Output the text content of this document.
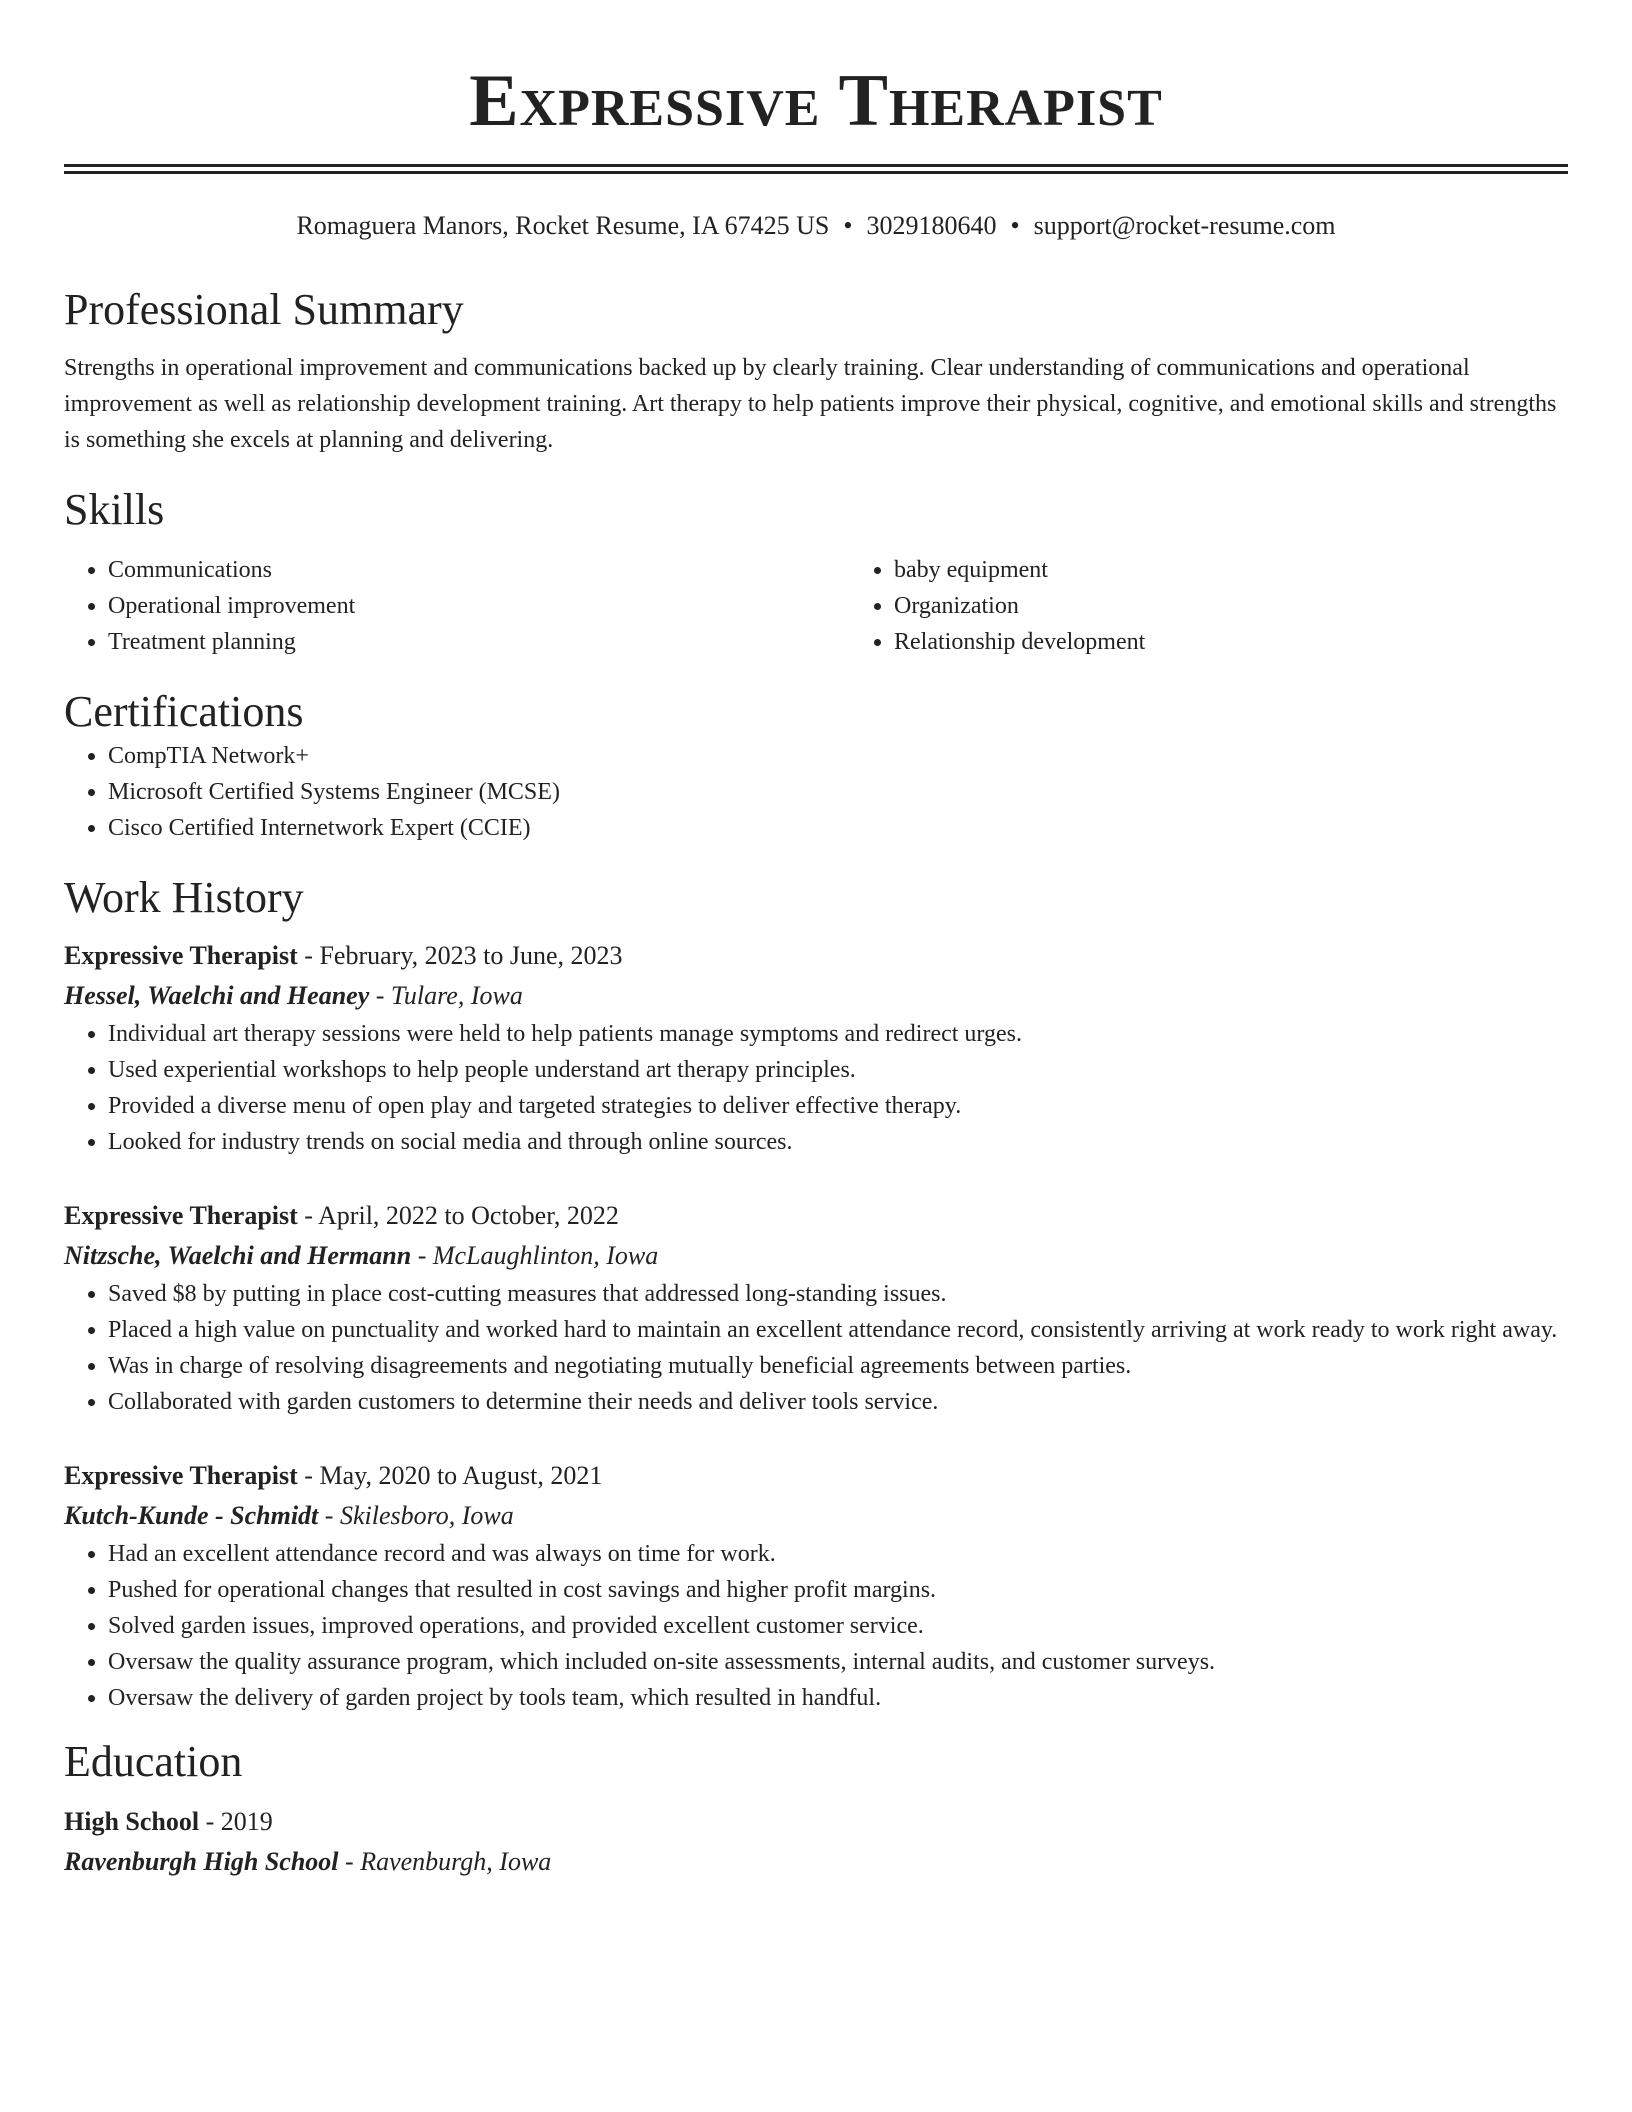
Expressive Therapist
Romaguera Manors, Rocket Resume, IA 67425 US • 3029180640 • support@rocket-resume.com
Professional Summary

Strengths in operational improvement and communications backed up by clearly training. Clear understanding of communications and operational improvement as well as relationship development training. Art therapy to help patients improve their physical, cognitive, and emotional skills and strengths is something she excels at planning and delivering.

Skills
• Communications
• Operational improvement
• Treatment planning
• baby equipment
• Organization
• Relationship development
Certifications
• CompTIA Network+
• Microsoft Certified Systems Engineer (MCSE)
• Cisco Certified Internetwork Expert (CCIE)
Work History
Expressive Therapist - February, 2023 to June, 2023
Hessel, Waelchi and Heaney - Tulare, Iowa
• Individual art therapy sessions were held to help patients manage symptoms and redirect urges.
• Used experiential workshops to help people understand art therapy principles.
• Provided a diverse menu of open play and targeted strategies to deliver effective therapy.
• Looked for industry trends on social media and through online sources.
Expressive Therapist - April, 2022 to October, 2022
Nitzsche, Waelchi and Hermann - McLaughlinton, Iowa
• Saved $8 by putting in place cost-cutting measures that addressed long-standing issues.
• Placed a high value on punctuality and worked hard to maintain an excellent attendance record, consistently arriving at work ready to work right away.
• Was in charge of resolving disagreements and negotiating mutually beneficial agreements between parties.
• Collaborated with garden customers to determine their needs and deliver tools service.
Expressive Therapist - May, 2020 to August, 2021
Kutch-Kunde - Schmidt - Skilesboro, Iowa
• Had an excellent attendance record and was always on time for work.
• Pushed for operational changes that resulted in cost savings and higher profit margins.
• Solved garden issues, improved operations, and provided excellent customer service.
• Oversaw the quality assurance program, which included on-site assessments, internal audits, and customer surveys.
• Oversaw the delivery of garden project by tools team, which resulted in handful.
Education
High School - 2019
Ravenburgh High School - Ravenburgh, Iowa
